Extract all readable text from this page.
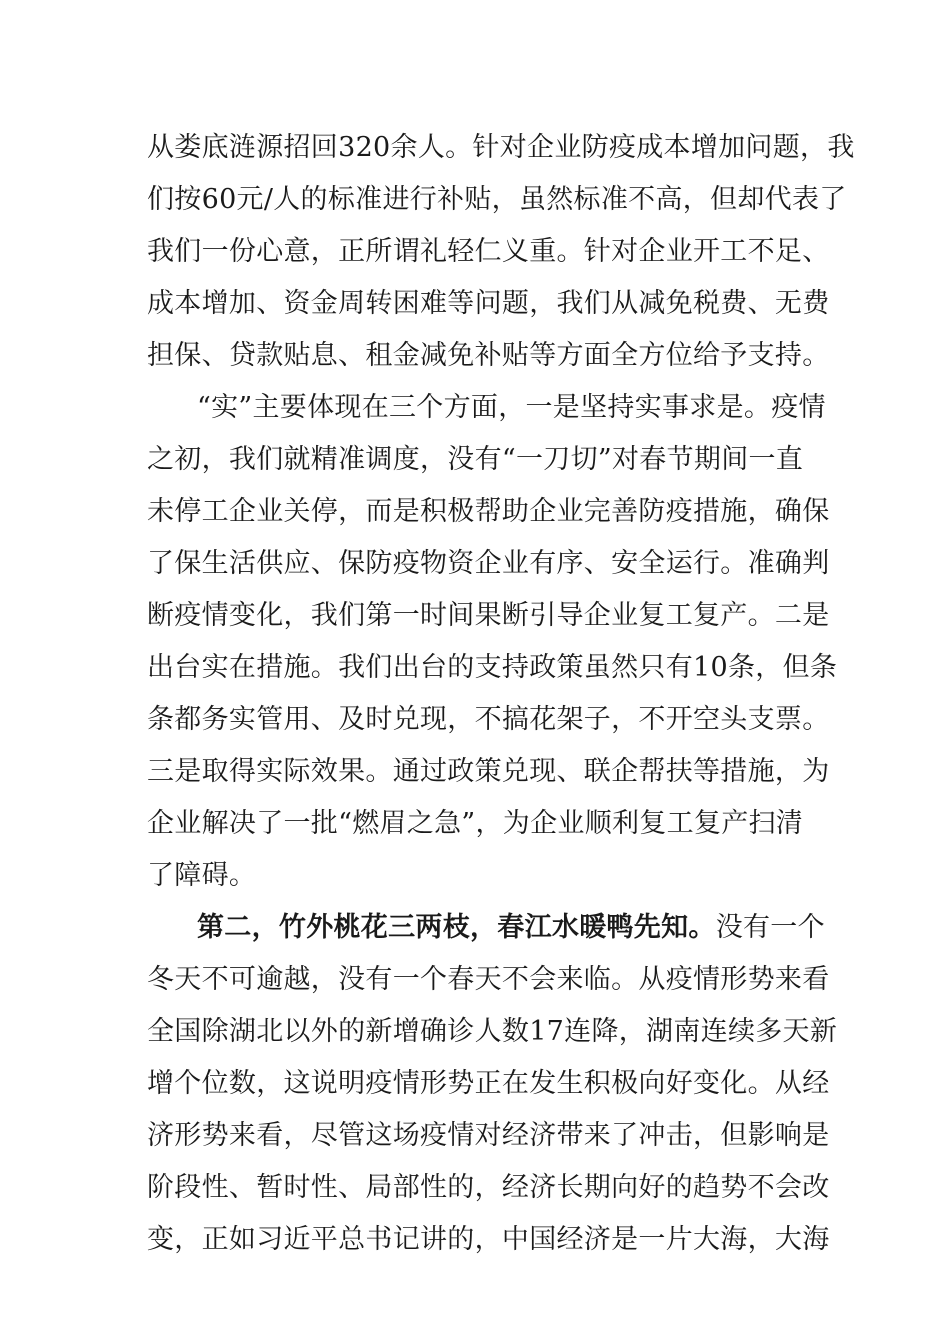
从娄底涟源招回320余人。针对企业防疫成本增加问题，我
们按60元/人的标准进行补贴，虽然标准不高，但却代表了
我们一份心意，正所谓礼轻仁义重。针对企业开工不足、
成本增加、资金周转困难等问题，我们从减免税费、无费
担保、贷款贴息、租金减免补贴等方面全方位给予支持。
“实”主要体现在三个方面，一是坚持实事求是。疫情
之初，我们就精准调度，没有“一刀切”对春节期间一直
未停工企业关停，而是积极帮助企业完善防疫措施，确保
了保生活供应、保防疫物资企业有序、安全运行。准确判
断疫情变化，我们第一时间果断引导企业复工复产。二是
出台实在措施。我们出台的支持政策虽然只有10条，但条
条都务实管用、及时兑现，不搞花架子，不开空头支票。
三是取得实际效果。通过政策兑现、联企帮扶等措施，为
企业解决了一批“燃眉之急”，为企业顺利复工复产扫清
了障碍。
第二，竹外桃花三两枝，春江水暖鸭先知。没有一个
冬天不可逾越，没有一个春天不会来临。从疫情形势来看
全国除湖北以外的新增确诊人数17连降，湖南连续多天新
增个位数，这说明疫情形势正在发生积极向好变化。从经
济形势来看，尽管这场疫情对经济带来了冲击，但影响是
阶段性、暂时性、局部性的，经济长期向好的趋势不会改
变，正如习近平总书记讲的，中国经济是一片大海，大海
